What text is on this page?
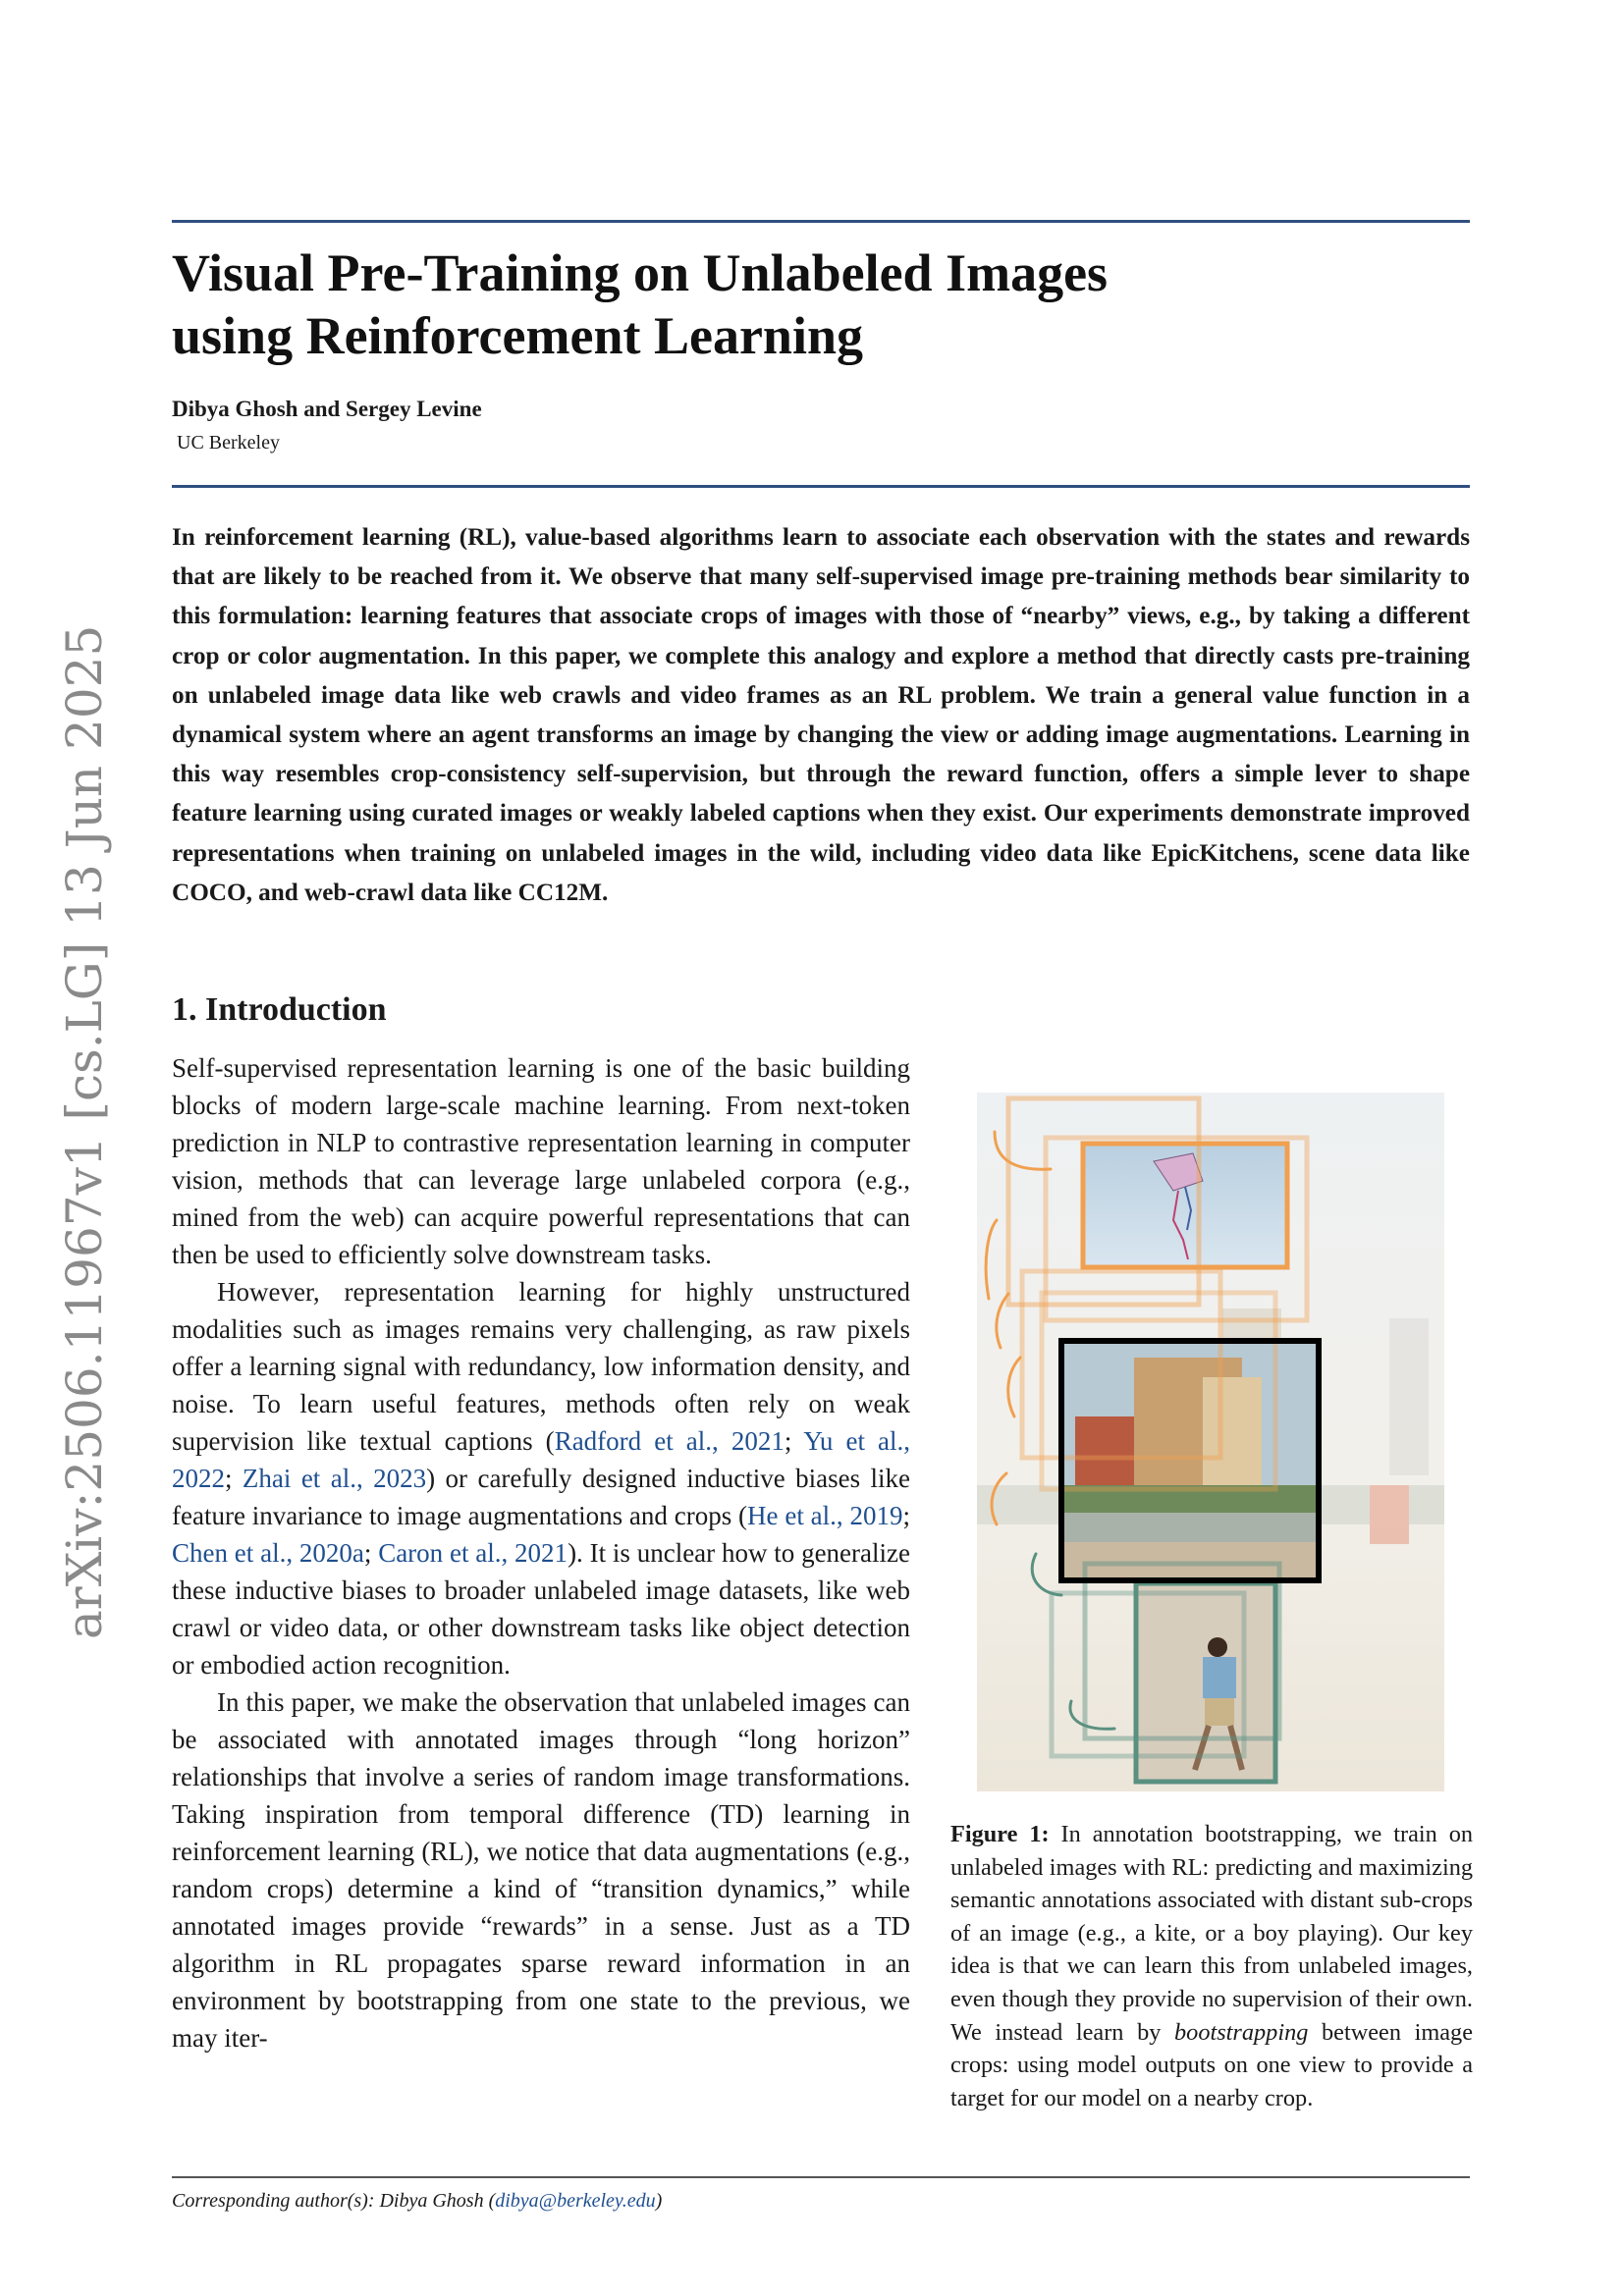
Visual Pre-Training on Unlabeled Images
using Reinforcement Learning
Dibya Ghosh and Sergey Levine
UC Berkeley

In reinforcement learning (RL), value-based algorithms learn to associate each observation with the states and rewards that are likely to be reached from it. We observe that many self-supervised image pre-training methods bear similarity to this formulation: learning features that associate crops of images with those of “nearby” views, e.g., by taking a different crop or color augmentation. In this paper, we complete this analogy and explore a method that directly casts pre-training on unlabeled image data like web crawls and video frames as an RL problem. We train a general value function in a dynamical system where an agent transforms an image by changing the view or adding image augmentations. Learning in this way resembles crop-consistency self-supervision, but through the reward function, offers a simple lever to shape feature learning using curated images or weakly labeled captions when they exist. Our experiments demonstrate improved representations when training on unlabeled images in the wild, including video data like EpicKitchens, scene data like COCO, and web-crawl data like CC12M.

1. Introduction

Self-supervised representation learning is one of the basic building blocks of modern large-scale machine learning. From next-token prediction in NLP to contrastive representation learning in computer vision, methods that can leverage large unlabeled corpora (e.g., mined from the web) can acquire powerful representations that can then be used to efficiently solve downstream tasks.

However, representation learning for highly unstructured modalities such as images remains very challenging, as raw pixels offer a learning signal with redundancy, low information density, and noise. To learn useful features, methods often rely on weak supervision like textual captions (Radford et al., 2021; Yu et al., 2022; Zhai et al., 2023) or carefully designed inductive biases like feature invariance to image augmentations and crops (He et al., 2019; Chen et al., 2020a; Caron et al., 2021). It is unclear how to generalize these inductive biases to broader unlabeled image datasets, like web crawl or video data, or other downstream tasks like object detection or embodied action recognition.

In this paper, we make the observation that unlabeled images can be associated with annotated images through “long horizon” relationships that involve a series of random image transformations. Taking inspiration from temporal difference (TD) learning in reinforcement learning (RL), we notice that data augmentations (e.g., random crops) determine a kind of “transition dynamics,” while annotated images provide “rewards” in a sense. Just as a TD algorithm in RL propagates sparse reward information in an environment by bootstrapping from one state to the previous, we may iter-

Figure 1: In annotation bootstrapping, we train on unlabeled images with RL: predicting and maximizing semantic annotations associated with distant sub-crops of an image (e.g., a kite, or a boy playing). Our key idea is that we can learn this from unlabeled images, even though they provide no supervision of their own. We instead learn by bootstrapping between image crops: using model outputs on one view to provide a target for our model on a nearby crop.

Corresponding author(s): Dibya Ghosh (dibya@berkeley.edu)
arXiv:2506.11967v1 [cs.LG] 13 Jun 2025
